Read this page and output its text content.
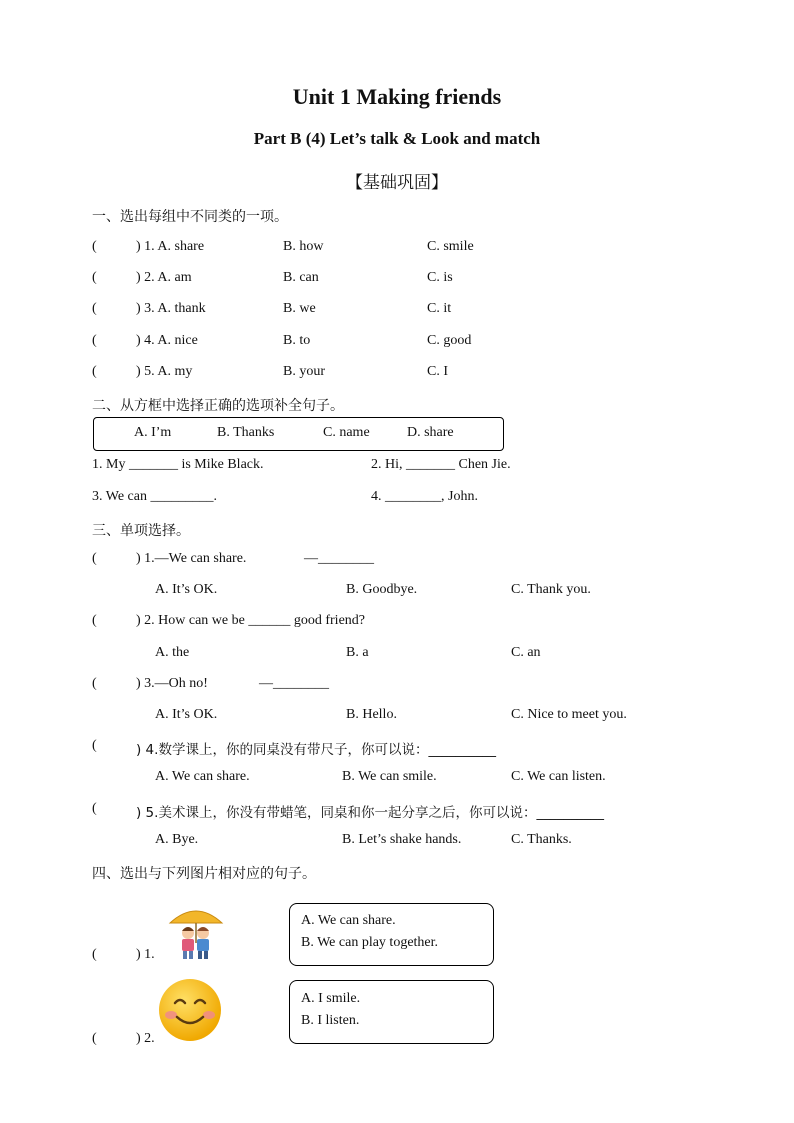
Unit 1 Making friends
Part B (4) Let’s talk & Look and match
【基础巩固】
一、选出每组中不同类的一项。
(	) 1. A. share	B. how	C. smile
(	) 2. A. am	B. can	C. is
(	) 3. A. thank	B. we	C. it
(	) 4. A. nice	B. to	C. good
(	) 5. A. my	B. your	C. I
二、从方框中选择正确的选项补全句子。
A. I’m	B. Thanks	C. name	D. share
1. My _______ is Mike Black.	2. Hi, _______ Chen Jie.
3. We can _________.	4. ________, John.
三、单项选择。
(	) 1.—We can share.	—________
A. It’s OK.	B. Goodbye.	C. Thank you.
(	) 2. How can we be ______ good friend?
A. the	B. a	C. an
(	) 3.—Oh no!	—________
A. It’s OK.	B. Hello.	C. Nice to meet you.
(	) 4.数学课上，你的同桌没有带尺子，你可以说：__________
A. We can share.	B. We can smile.	C. We can listen.
(	) 5.美术课上，你没有带蜡笔，同桌和你一起分享之后，你可以说：__________
A. Bye.	B. Let’s shake hands.	C. Thanks.
四、选出与下列图片相对应的句子。
(	) 1.
A. We can share.
B. We can play together.
(	) 2.
A. I smile.
B. I listen.
